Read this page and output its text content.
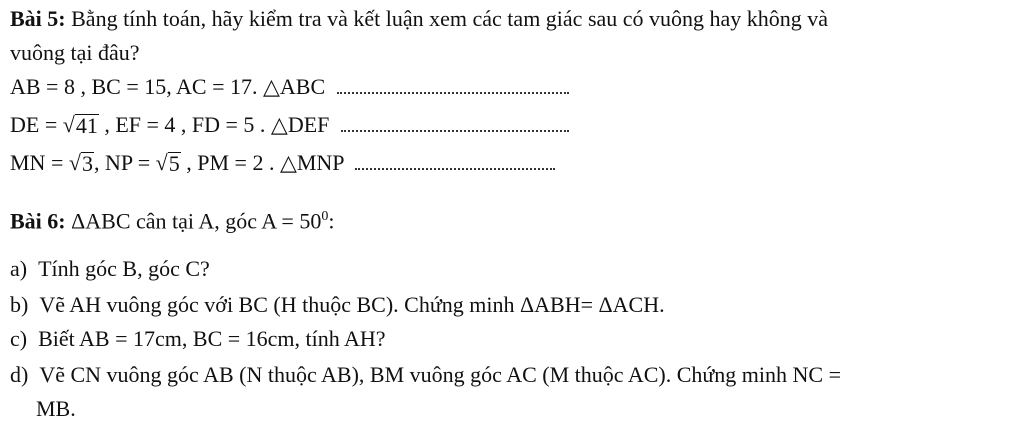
Bài 5: Bằng tính toán, hãy kiểm tra và kết luận xem các tam giác sau có vuông hay không và
vuông tại đâu?
AB = 8 , BC = 15, AC = 17. △ABC
DE = √ 41 , EF = 4 , FD = 5 . △DEF
MN = √ 3 , NP = √ 5 , PM = 2 . △MNP
Bài 6: ΔABC cân tại A, góc $A = 50^0$:
a) Tính góc B, góc C?
b) Vẽ AH vuông góc với BC (H thuộc BC). Chứng minh ΔABH= ΔACH.
c) Biết AB = 17cm, BC = 16cm, tính AH?
d) Vẽ CN vuông góc AB (N thuộc AB), BM vuông góc AC (M thuộc AC). Chứng minh NC =
MB.
